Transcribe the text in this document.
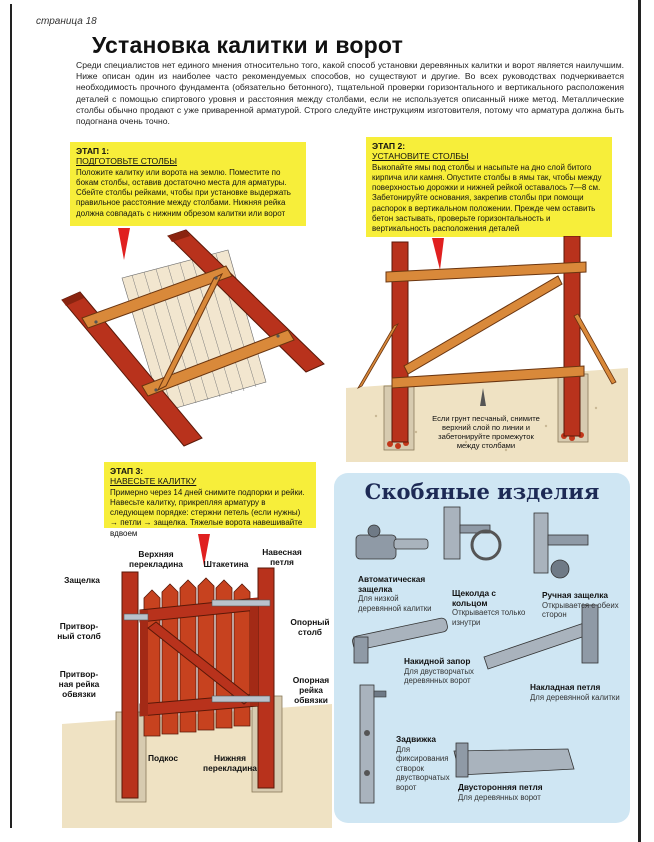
страница 18
Установка калитки и ворот
Среди специалистов нет единого мнения относительно того, какой способ установки деревянных калитки и ворот является наилучшим. Ниже описан один из наиболее часто рекомендуемых способов, но существуют и другие. Во всех руководствах подчеркивается необходимость прочного фундамента (обязательно бетонного), тщательной проверки горизонтального и вертикального расположения деталей с помощью спиртового уровня и расстояния между столбами, если не используется описанный ниже метод. Металлические столбы обычно продают с уже приваренной арматурой. Строго следуйте инструкциям изготовителя, потому что арматура должна быть подогнана очень точно.
ЭТАП 1:
ПОДГОТОВЬТЕ СТОЛБЫ
Положите калитку или ворота на землю. Поместите по бокам столбы, оставив достаточно места для арматуры. Сбейте столбы рейками, чтобы при установке выдержать правильное расстояние между столбами. Нижняя рейка должна совпадать с нижним обрезом калитки или ворот
ЭТАП 2:
УСТАНОВИТЕ СТОЛБЫ
Выкопайте ямы под столбы и насыпьте на дно слой битого кирпича или камня. Опустите столбы в ямы так, чтобы между поверхностью дорожки и нижней рейкой оставалось 7—8 см. Забетонируйте основания, закрепив столбы при помощи распорок в вертикальном положении. Прежде чем оставить бетон застывать, проверьте горизонтальность и вертикальность расположения деталей
ЭТАП 3:
НАВЕСЬТЕ КАЛИТКУ
Примерно через 14 дней снимите подпорки и рейки. Навесьте калитку, прикрепляя арматуру в следующем порядке: стержни петель (если нужны) → петли → защелка. Тяжелые ворота навешивайте вдвоем
Если грунт песчаный, снимите верхний слой по линии и забетонируйте промежуток между столбами
Верхняя перекладина	Штакетина
Навесная петля
Защелка
Притвор-ный столб
Опорный столб
Притвор-ная рейка обвязки
Опорная рейка обвязки
Подкос	Нижняя перекладина
Скобяные изделия
Автоматическая защелка
Для низкой деревянной калитки
Щеколда с кольцом
Открывается только изнутри
Ручная защелка
Открывается с обеих сторон
Накидной запор
Для двустворчатых деревянных ворот
Накладная петля
Для деревянной калитки
Задвижка
Для фиксирования створок двустворчатых ворот	Двусторонняя петля
Для деревянных ворот
